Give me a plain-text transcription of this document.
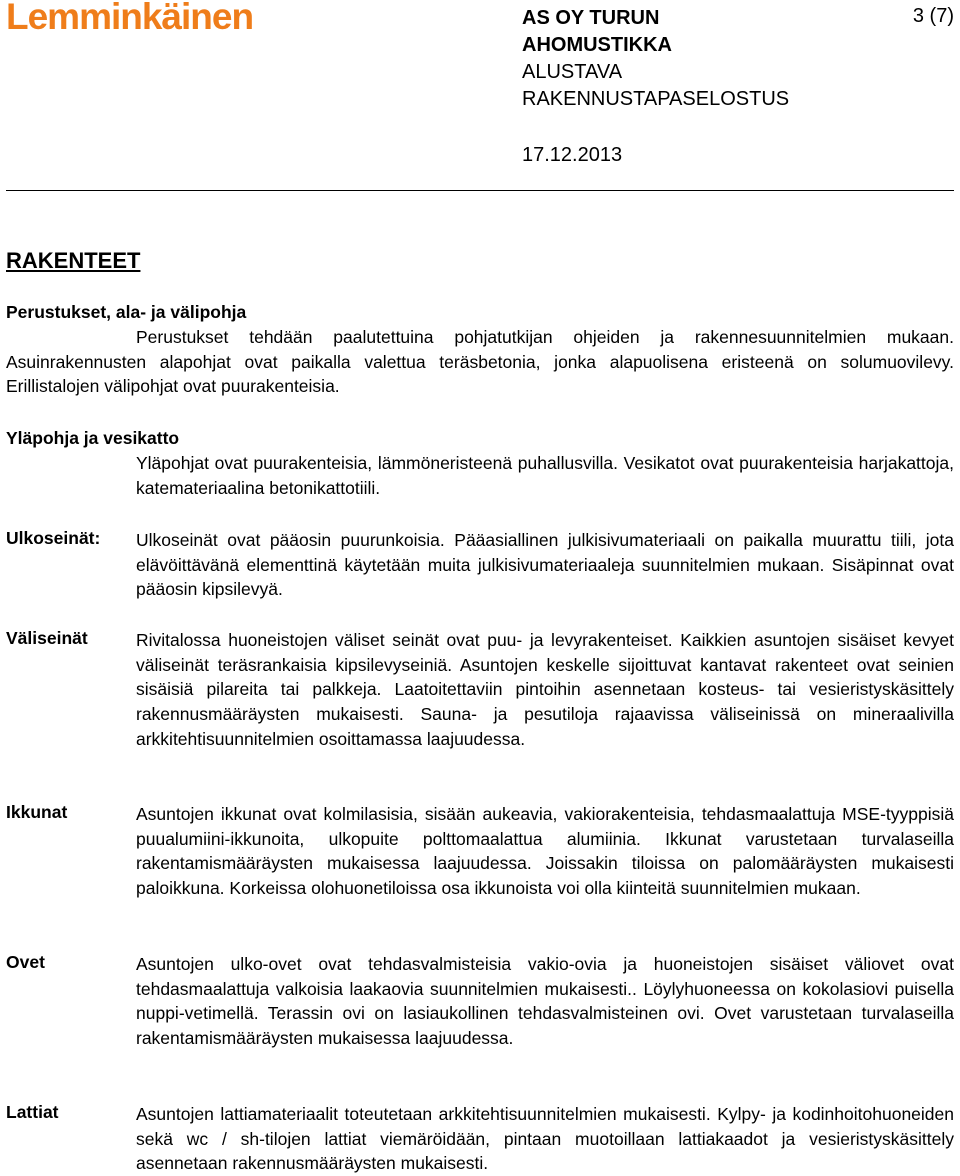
Lemminkäinen	AS OY TURUN
AHOMUSTIKKA
ALUSTAVA
RAKENNUSTAPASELOSTUS
3 (7)
17.12.2013
RAKENTEET
Perustukset, ala- ja välipohja
Perustukset tehdään paalutettuina pohjatutkijan ohjeiden ja rakennesuunnitelmien mukaan. Asuinrakennusten alapohjat ovat paikalla valettua teräsbetonia, jonka alapuolisena eristeenä on solumuovilevy. Erillistalojen välipohjat ovat puurakenteisia.
Yläpohja ja vesikatto
Yläpohjat ovat puurakenteisia, lämmöneristeenä puhallusvilla. Vesikatot ovat puurakenteisia harjakattoja, katemateriaalina betonikattotiili.
Ulkoseinät: Ulkoseinät ovat pääosin puurunkoisia. Pääasiallinen julkisivumateriaali on paikalla muurattu tiili, jota elävöittävänä elementtinä käytetään muita julkisivumateriaaleja suunnitelmien mukaan. Sisäpinnat ovat pääosin kipsilevyä.
Väliseinät	Rivitalossa huoneistojen väliset seinät ovat puu- ja levyrakenteiset. Kaikkien asuntojen sisäiset kevyet väliseinät teräsrankaisia kipsilevyseiniä. Asuntojen keskelle sijoittuvat kantavat rakenteet ovat seinien sisäisiä pilareita tai palkkeja. Laatoitettaviin pintoihin asennetaan kosteus- tai vesieristyskäsittely rakennusmääräysten mukaisesti. Sauna- ja pesutiloja rajaavissa väliseinissä on mineraalivilla arkkitehtisuunnitelmien osoittamassa laajuudessa.
Ikkunat	Asuntojen ikkunat ovat kolmilasisia, sisään aukeavia, vakiorakenteisia, tehdasmaalattuja MSE-tyyppisiä puualumiini-ikkunoita, ulkopuite polttomaalattua alumiinia. Ikkunat varustetaan turvalaseilla rakentamismääräysten mukaisessa laajuudessa. Joissakin tiloissa on palomääräysten mukaisesti paloikkuna. Korkeissa olohuonetiloissa osa ikkunoista voi olla kiinteitä suunnitelmien mukaan.
Ovet	Asuntojen ulko-ovet ovat tehdasvalmisteisia vakio-ovia ja huoneistojen sisäiset väliovet ovat tehdasmaalattuja valkoisia laakaovia suunnitelmien mukaisesti.. Löylyhuoneessa on kokolasiovi puisella nuppi-vetimellä. Terassin ovi on lasiaukollinen tehdasvalmisteinen ovi. Ovet varustetaan turvalaseilla rakentamismääräysten mukaisessa laajuudessa.
Lattiat	Asuntojen lattiamateriaalit toteutetaan arkkitehtisuunnitelmien mukaisesti. Kylpy- ja kodinhoitohuoneiden sekä wc / sh-tilojen lattiat viemäröidään, pintaan muotoillaan lattiakaadot ja vesieristyskäsittely asennetaan rakennusmääräysten mukaisesti.
